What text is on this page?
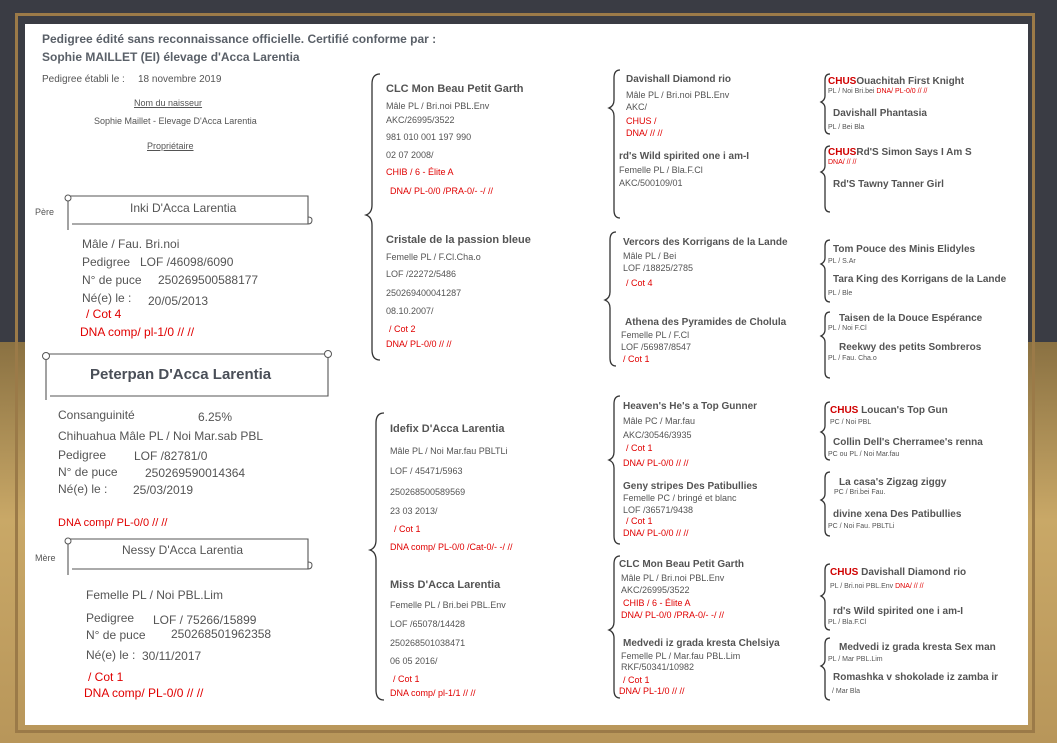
Pedigree édité sans reconnaissance officielle. Certifié conforme par :
Sophie MAILLET (EI) élevage d'Acca Larentia
Pedigree établi le : 18 novembre 2019
Nom du naisseur
Sophie Maillet - Elevage D'Acca Larentia
Propriétaire
Père	Inki D'Acca Larentia
Mâle / Fau. Bri.noi
Pedigree LOF /46098/6090
N° de puce 250269500588177
Né(e) le : 20/05/2013
/ Cot 4
DNA comp/ pl-1/0 // //
Peterpan D'Acca Larentia
Consanguinité	6.25%
Chihuahua Mâle PL / Noi Mar.sab PBL
Pedigree LOF /82781/0
N° de puce 250269590014364
Né(e) le : 25/03/2019
DNA comp/ PL-0/0 // //
Mère
Nessy D'Acca Larentia
Femelle PL / Noi PBL.Lim
Pedigree LOF / 75266/15899
N° de puce 250268501962358
Né(e) le : 30/11/2017
/ Cot 1
DNA comp/ PL-0/0 // //
CLC Mon Beau Petit Garth
Mâle PL / Bri.noi PBL.Env
AKC/26995/3522
981 010 001 197 990
02 07 2008/
CHIB / 6 - Élite A
DNA/ PL-0/0 /PRA-0/- -/ //
Cristale de la passion bleue
Femelle PL / F.Cl.Cha.o
LOF /22272/5486
250269400041287
08.10.2007/
/ Cot 2
DNA/ PL-0/0 // //
Idefix D'Acca Larentia
Mâle PL / Noi Mar.fau PBLTLi
LOF / 45471/5963
250268500589569
23 03 2013/
/ Cot 1
DNA comp/ PL-0/0 /Cat-0/- -/ //
Miss D'Acca Larentia
Femelle PL / Bri.bei PBL.Env
LOF /65078/14428
250268501038471
06 05 2016/
/ Cot 1
DNA comp/ pl-1/1 // //
Davishall Diamond rio
Mâle PL / Bri.noi PBL.Env
AKC/
CHUS /
DNA/ // //
rd's Wild spirited one i am-I
Femelle PL / Bla.F.Cl
AKC/500109/01
Vercors des Korrigans de la Lande
Mâle PL / Bei
LOF /18825/2785
/ Cot 4
Athena des Pyramides de Cholula
Femelle PL / F.Cl
LOF /56987/8547
/ Cot 1
Heaven's He's a Top Gunner
Mâle PC / Mar.fau
AKC/30546/3935
/ Cot 1
DNA/ PL-0/0 // //
Geny stripes Des Patibullies
Femelle PC / bringé et blanc
LOF /36571/9438
/ Cot 1
DNA/ PL-0/0 // //
CLC Mon Beau Petit Garth
Mâle PL / Bri.noi PBL.Env
AKC/26995/3522
CHIB / 6 - Élite A
DNA/ PL-0/0 /PRA-0/- -/ //
Medvedi iz grada kresta Chelsiya
Femelle PL / Mar.fau PBL.Lim
RKF/50341/10982
/ Cot 1
DNA/ PL-1/0 // //
CHUSOuachitah First Knight
PL / Noi Bri.bei DNA/ PL-0/0 // //
Davishall Phantasia
PL / Bei Bla
CHUSRd'S Simon Says I Am S
DNA/ // //
Rd'S Tawny Tanner Girl
Tom Pouce des Minis Elidyles
PL / S.Ar
Tara King des Korrigans de la Lande
PL / Ble
Taisen de la Douce Espérance
PL / Noi F.Cl
Reekwy des petits Sombreros
PL / Fau. Cha.o
CHUS Loucan's Top Gun
PC / Noi PBL
Collin Dell's Cherramee's renna
PC ou PL / Noi Mar.fau
La casa's Zigzag ziggy
PC / Bri.bei Fau.
divine xena Des Patibullies
PC / Noi Fau. PBLTLi
CHUS Davishall Diamond rio
PL / Bri.noi PBL.Env DNA/ // //
rd's Wild spirited one i am-I
PL / Bla.F.Cl
Medvedi iz grada kresta Sex man
PL / Mar PBL.Lim
Romashka v shokolade iz zamba ir
/ Mar Bla
